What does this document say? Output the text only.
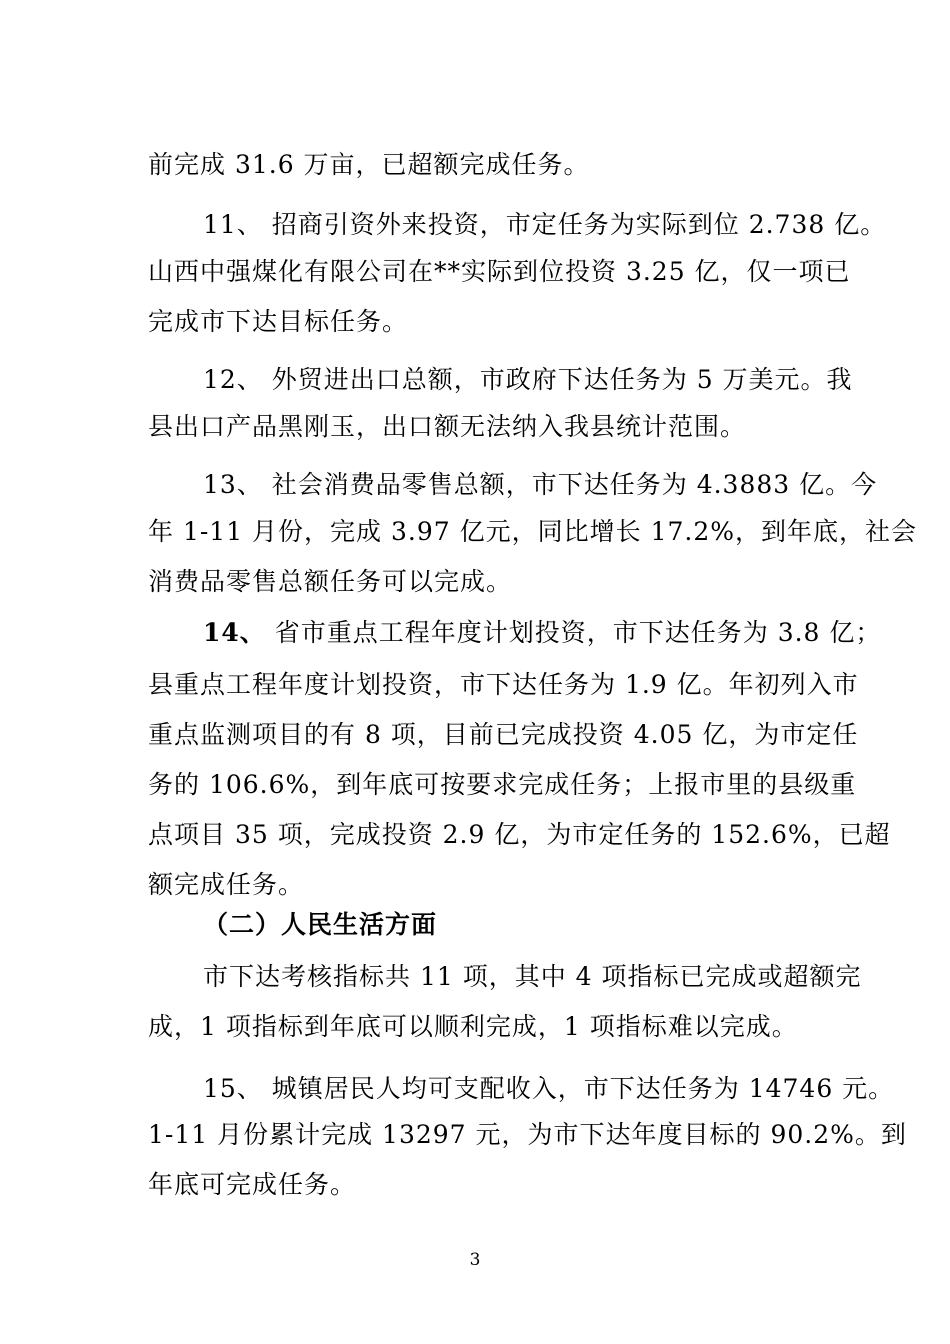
前完成 31.6 万亩，已超额完成任务。
11、 招商引资外来投资，市定任务为实际到位 2.738 亿。
山西中强煤化有限公司在**实际到位投资 3.25 亿，仅一项已
完成市下达目标任务。
12、 外贸进出口总额，市政府下达任务为 5 万美元。我
县出口产品黑刚玉，出口额无法纳入我县统计范围。
13、 社会消费品零售总额，市下达任务为 4.3883 亿。今
年 1-11 月份，完成 3.97 亿元，同比增长 17.2%，到年底，社会
消费品零售总额任务可以完成。
14、 省市重点工程年度计划投资，市下达任务为 3.8 亿；
县重点工程年度计划投资，市下达任务为 1.9 亿。年初列入市
重点监测项目的有 8 项，目前已完成投资 4.05 亿，为市定任
务的 106.6%，到年底可按要求完成任务；上报市里的县级重
点项目 35 项，完成投资 2.9 亿，为市定任务的 152.6%，已超
额完成任务。
（二）人民生活方面
市下达考核指标共 11 项，其中 4 项指标已完成或超额完
成，1 项指标到年底可以顺利完成，1 项指标难以完成。
15、 城镇居民人均可支配收入，市下达任务为 14746 元。
1-11 月份累计完成 13297 元，为市下达年度目标的 90.2%。到
年底可完成任务。
3
